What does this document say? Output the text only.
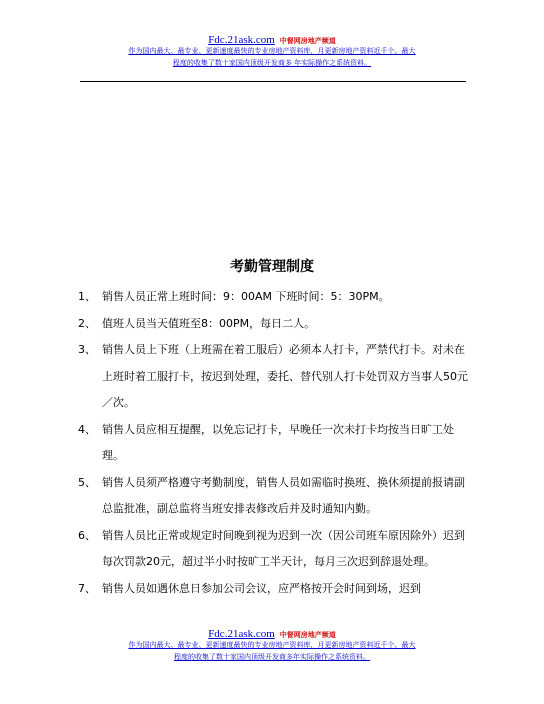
Fdc.21ask.com 中督网房地产频道
作为国内最大、最专业、更新速度最快的专业房地产资料库，月更新房地产资料近千个。最大
程度的收集了数十家国内顶级开发商多 年实际操作之系统资料。
考勤管理制度
1、 销售人员正常上班时间：9：00AM 下班时间：5：30PM。
2、 值班人员当天值班至8：00PM，每日二人。
3、 销售人员上下班（上班需在着工服后）必须本人打卡，严禁代打卡。对未在上班时着工服打卡，按迟到处理，委托、替代别人打卡处罚双方当事人50元／次。
4、 销售人员应相互提醒，以免忘记打卡，早晚任一次未打卡均按当日旷工处理。
5、 销售人员须严格遵守考勤制度，销售人员如需临时换班、换休须提前报请副总监批准，副总监将当班安排表修改后并及时通知内勤。
6、 销售人员比正常或规定时间晚到视为迟到一次（因公司班车原因除外）迟到每次罚款20元，超过半小时按旷工半天计，每月三次迟到辞退处理。
7、 销售人员如遇休息日参加公司会议，应严格按开会时间到场，迟到
Fdc.21ask.com 中督网房地产频道
作为国内最大、最专业、更新速度最快的专业房地产资料库，月更新房地产资料近千个。最大
程度的收集了数十家国内顶级开发商多年实际操作之系统资料。
